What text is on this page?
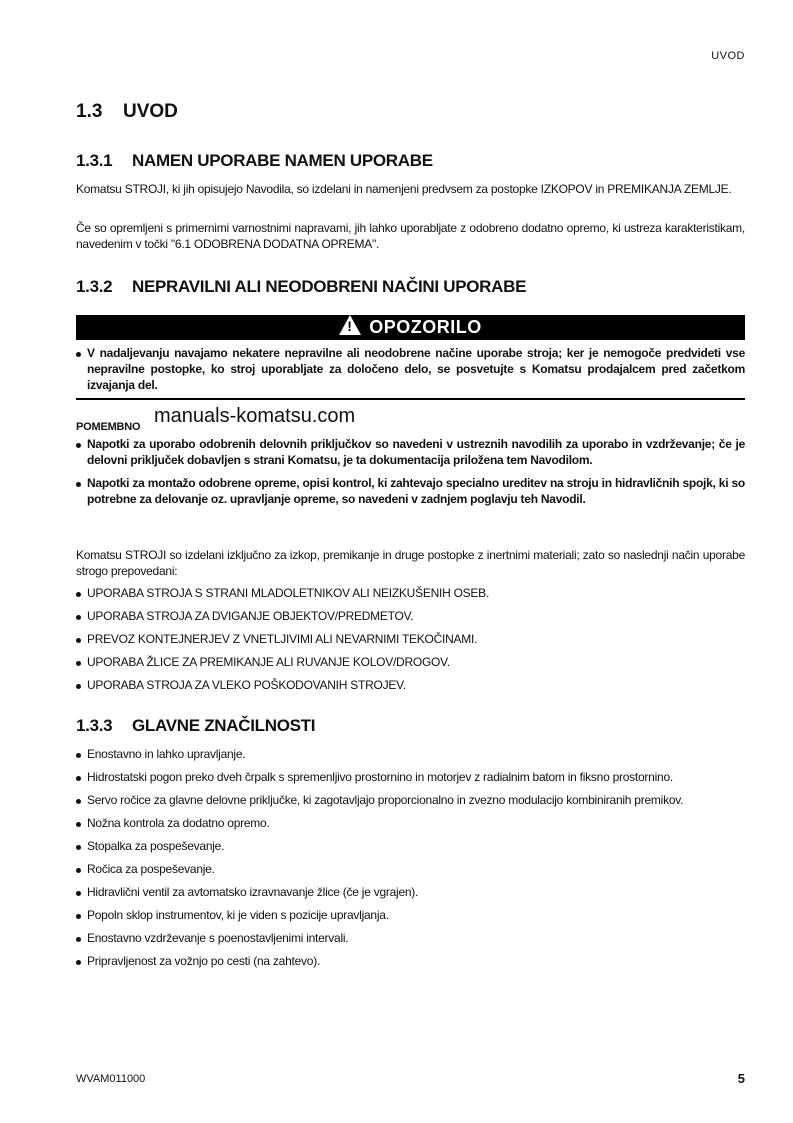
UVOD
1.3 UVOD
1.3.1 NAMEN UPORABE NAMEN UPORABE
Komatsu STROJI, ki jih opisujejo Navodila, so izdelani in namenjeni predvsem za postopke IZKOPOV in PREMIKANJA ZEMLJE.
Če so opremljeni s primernimi varnostnimi napravami, jih lahko uporabljate z odobreno dodatno opremo, ki ustreza karakteristikam, navedenim v točki "6.1 ODOBRENA DODATNA OPREMA".
1.3.2 NEPRAVILNI ALI NEODOBRENI NAČINI UPORABE
! OPOZORILO
V nadaljevanju navajamo nekatere nepravilne ali neodobrene načine uporabe stroja; ker je nemogoče predvideti vse nepravilne postopke, ko stroj uporabljate za določeno delo, se posvetujte s Komatsu prodajalcem pred začetkom izvajanja del.
POMEMBNO manuals-komatsu.com
Napotki za uporabo odobrenih delovnih priključkov so navedeni v ustreznih navodilih za uporabo in vzdrževanje; če je delovni priključek dobavljen s strani Komatsu, je ta dokumentacija priložena tem Navodilom.
Napotki za montažo odobrene opreme, opisi kontrol, ki zahtevajo specialno ureditev na stroju in hidravličnih spojk, ki so potrebne za delovanje oz. upravljanje opreme, so navedeni v zadnjem poglavju teh Navodil.
Komatsu STROJI so izdelani izključno za izkop, premikanje in druge postopke z inertnimi materiali; zato so naslednji način uporabe strogo prepovedani:
UPORABA STROJA S STRANI MLADOLETNIKOV ALI NEIZKUŠENIH OSEB.
UPORABA STROJA ZA DVIGANJE OBJEKTOV/PREDMETOV.
PREVOZ KONTEJNERJEV Z VNETLJIVIMI ALI NEVARNIMI TEKOČINAMI.
UPORABA ŽLICE ZA PREMIKANJE ALI RUVANJE KOLOV/DROGOV.
UPORABA STROJA ZA VLEKO POŠKODOVANIH STROJEV.
1.3.3 GLAVNE ZNAČILNOSTI
Enostavno in lahko upravljanje.
Hidrostatski pogon preko dveh črpalk s spremenljivo prostornino in motorjev z radialnim batom in fiksno prostornino.
Servo ročice za glavne delovne priključke, ki zagotavljajo proporcionalno in zvezno modulacijo kombiniranih premikov.
Nožna kontrola za dodatno opremo.
Stopalka za pospeševanje.
Ročica za pospeševanje.
Hidravlični ventil za avtomatsko izravnavanje žlice (če je vgrajen).
Popoln sklop instrumentov, ki je viden s pozicije upravljanja.
Enostavno vzdrževanje s poenostavljenimi intervali.
Pripravljenost za vožnjo po cesti (na zahtevo).
WVAM011000	5
